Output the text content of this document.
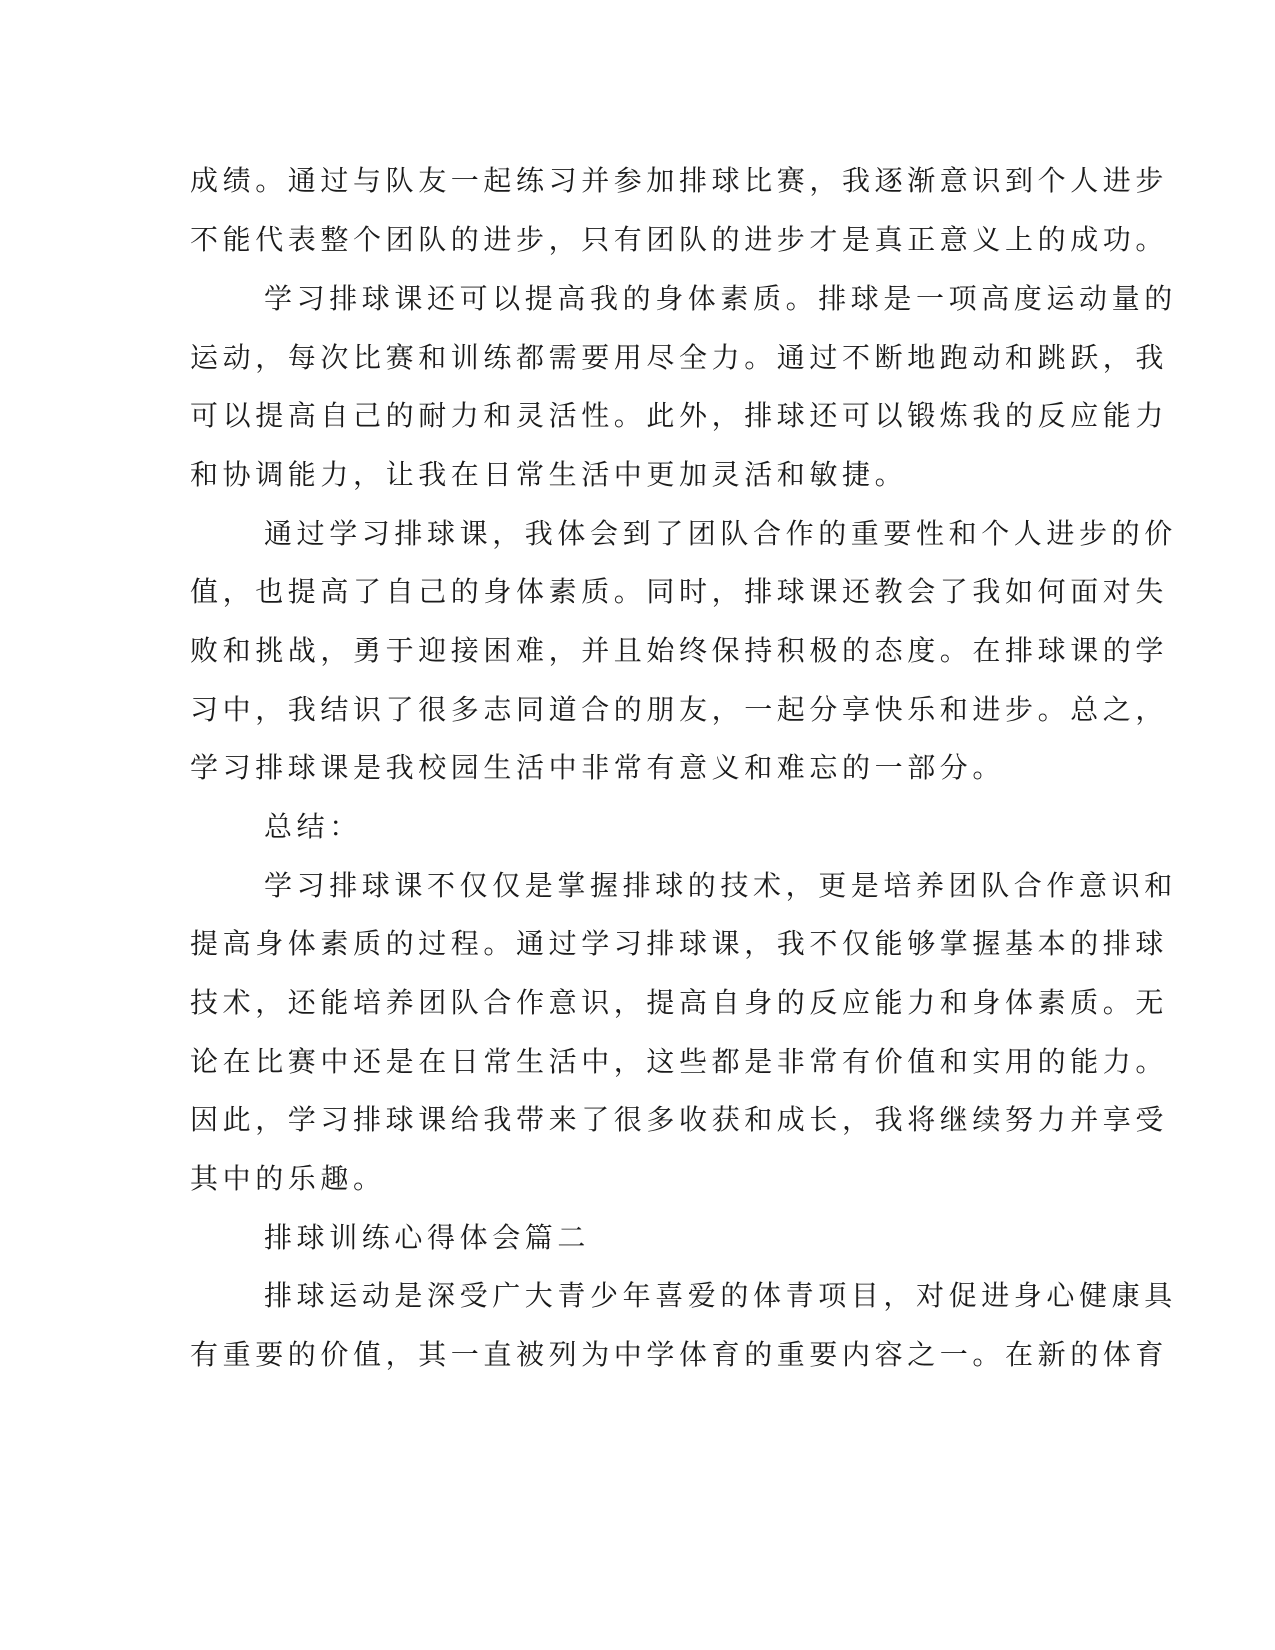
成绩。通过与队友一起练习并参加排球比赛，我逐渐意识到个人进步
不能代表整个团队的进步，只有团队的进步才是真正意义上的成功。
学习排球课还可以提高我的身体素质。排球是一项高度运动量的
运动，每次比赛和训练都需要用尽全力。通过不断地跑动和跳跃，我
可以提高自己的耐力和灵活性。此外，排球还可以锻炼我的反应能力
和协调能力，让我在日常生活中更加灵活和敏捷。
通过学习排球课，我体会到了团队合作的重要性和个人进步的价
值，也提高了自己的身体素质。同时，排球课还教会了我如何面对失
败和挑战，勇于迎接困难，并且始终保持积极的态度。在排球课的学
习中，我结识了很多志同道合的朋友，一起分享快乐和进步。总之，
学习排球课是我校园生活中非常有意义和难忘的一部分。
总结：
学习排球课不仅仅是掌握排球的技术，更是培养团队合作意识和
提高身体素质的过程。通过学习排球课，我不仅能够掌握基本的排球
技术，还能培养团队合作意识，提高自身的反应能力和身体素质。无
论在比赛中还是在日常生活中，这些都是非常有价值和实用的能力。
因此，学习排球课给我带来了很多收获和成长，我将继续努力并享受
其中的乐趣。
排球训练心得体会篇二
排球运动是深受广大青少年喜爱的体青项目，对促进身心健康具
有重要的价值，其一直被列为中学体育的重要内容之一。在新的体育
